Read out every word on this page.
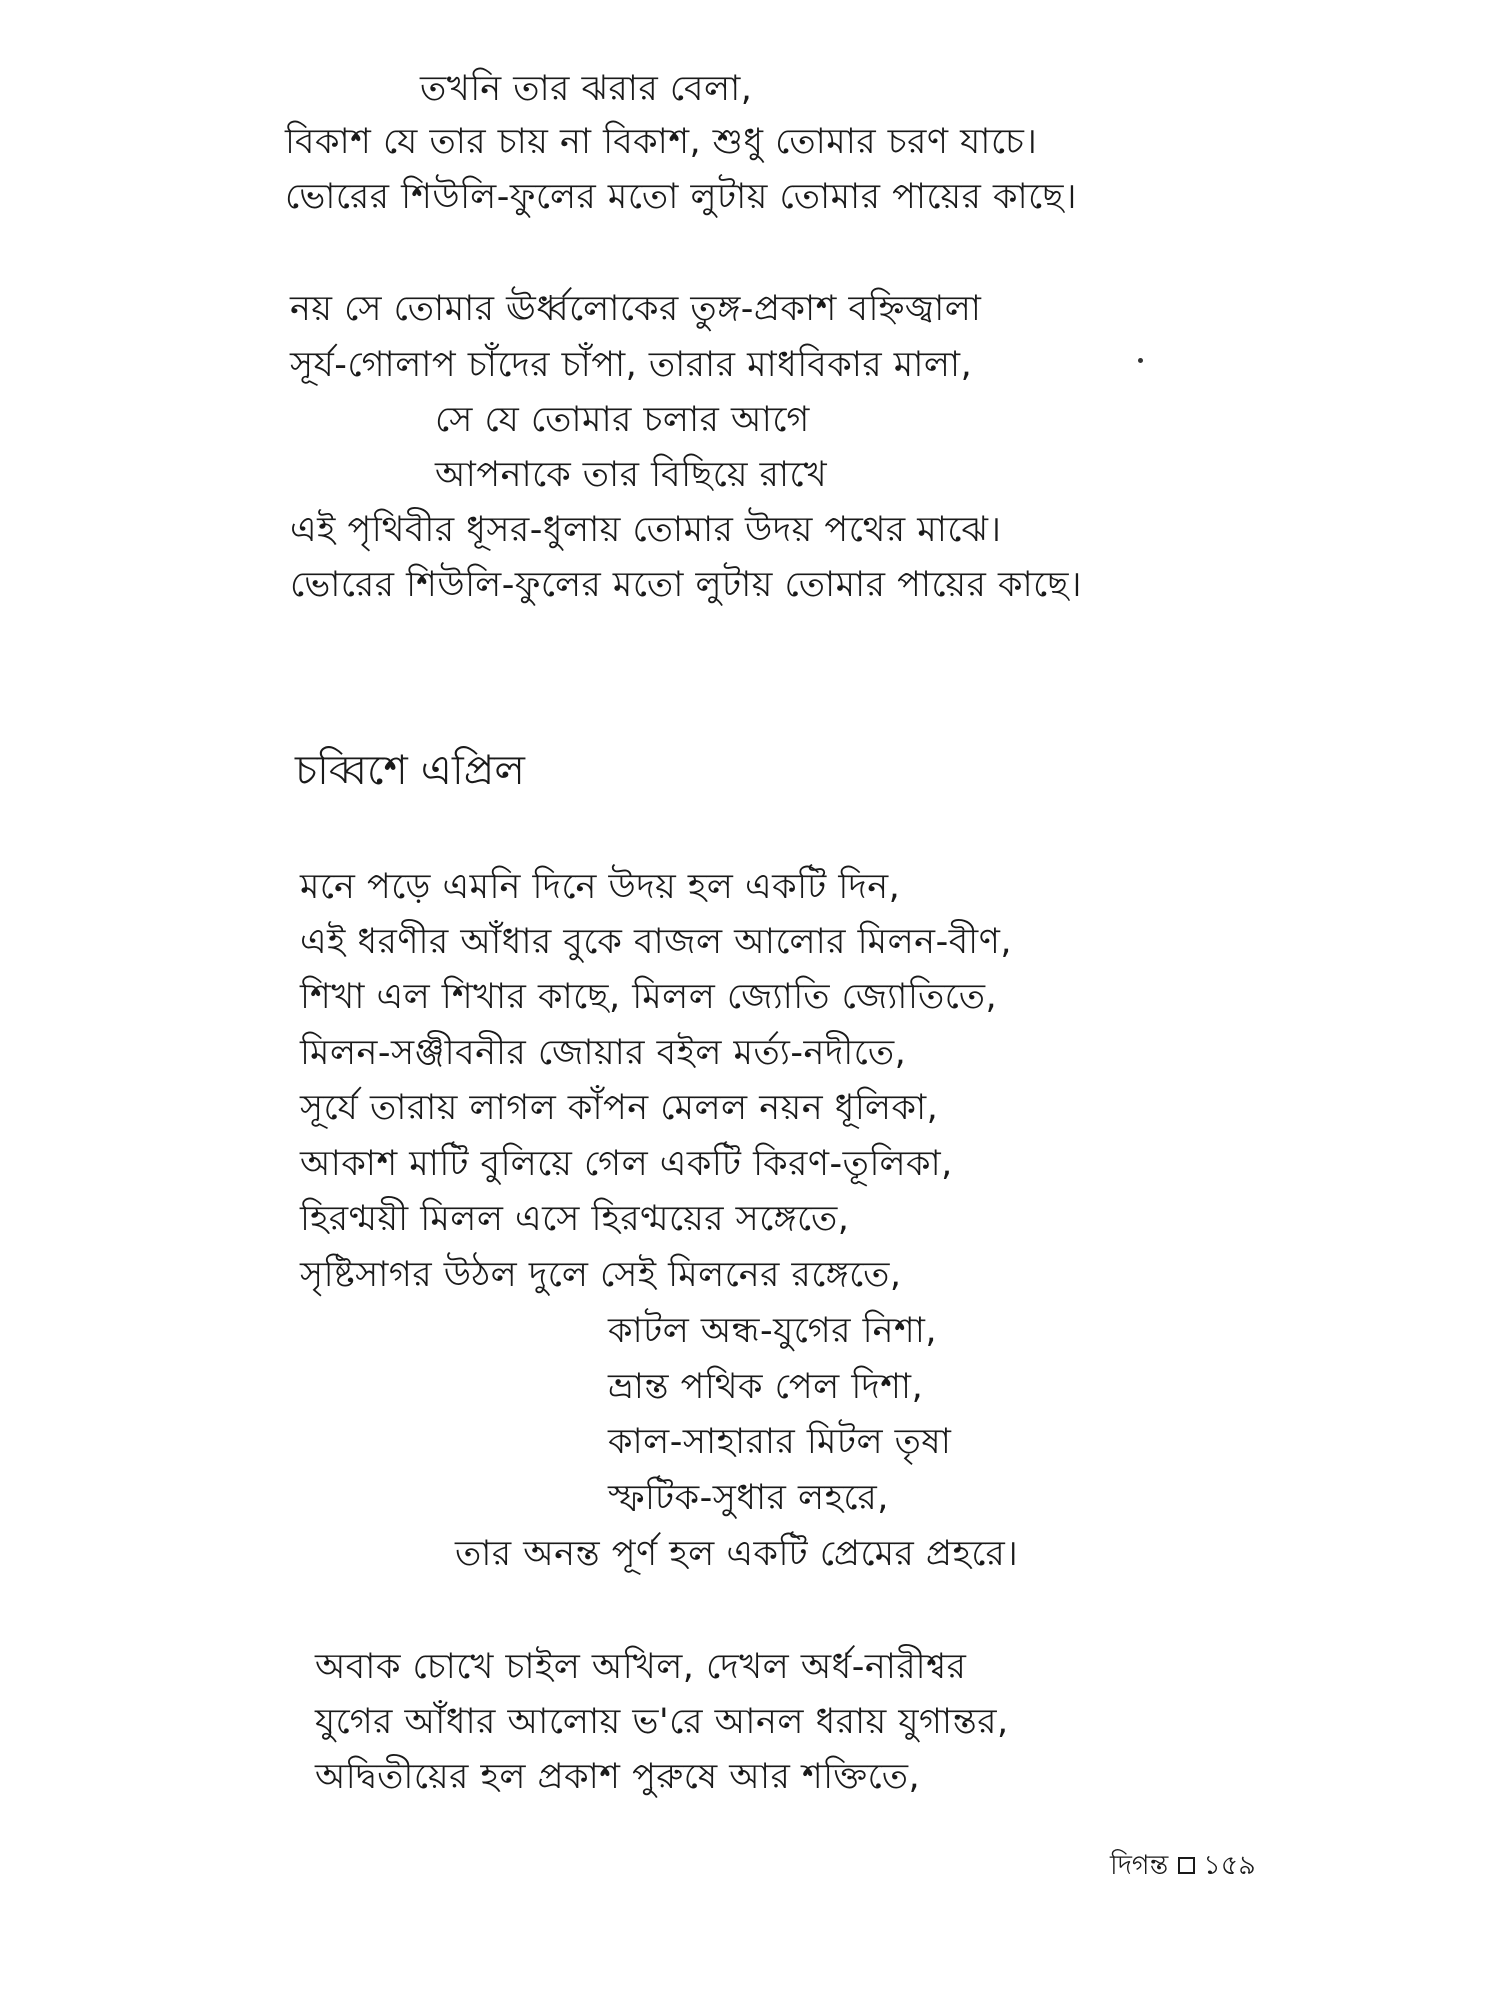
তখনি তার ঝরার বেলা,
বিকাশ যে তার চায় না বিকাশ, শুধু তোমার চরণ যাচে।
ভোরের শিউলি-ফুলের মতো লুটায় তোমার পায়ের কাছে।
নয় সে তোমার ঊর্ধ্বলোকের তুঙ্গ-প্রকাশ বহ্নিজ্বালা
সূর্য-গোলাপ চাঁদের চাঁপা, তারার মাধবিকার মালা,
সে যে তোমার চলার আগে
আপনাকে তার বিছিয়ে রাখে
এই পৃথিবীর ধূসর-ধুলায় তোমার উদয় পথের মাঝে।
ভোরের শিউলি-ফুলের মতো লুটায় তোমার পায়ের কাছে।
চব্বিশে এপ্রিল
মনে পড়ে এমনি দিনে উদয় হল একটি দিন,
এই ধরণীর আঁধার বুকে বাজল আলোর মিলন-বীণ,
শিখা এল শিখার কাছে, মিলল জ্যোতি জ্যোতিতে,
মিলন-সঞ্জীবনীর জোয়ার বইল মর্ত্য-নদীতে,
সূর্যে তারায় লাগল কাঁপন মেলল নয়ন ধূলিকা,
আকাশ মাটি বুলিয়ে গেল একটি কিরণ-তূলিকা,
হিরণ্ময়ী মিলল এসে হিরণ্ময়ের সঙ্গেতে,
সৃষ্টিসাগর উঠল দুলে সেই মিলনের রঙ্গেতে,
কাটল অন্ধ-যুগের নিশা,
ভ্রান্ত পথিক পেল দিশা,
কাল-সাহারার মিটল তৃষা
স্ফটিক-সুধার লহরে,
তার অনন্ত পূর্ণ হল একটি প্রেমের প্রহরে।
অবাক চোখে চাইল অখিল, দেখল অর্ধ-নারীশ্বর
যুগের আঁধার আলোয় ভ'রে আনল ধরায় যুগান্তর,
অদ্বিতীয়ের হল প্রকাশ পুরুষে আর শক্তিতে,
দিগন্ত ১৫৯
